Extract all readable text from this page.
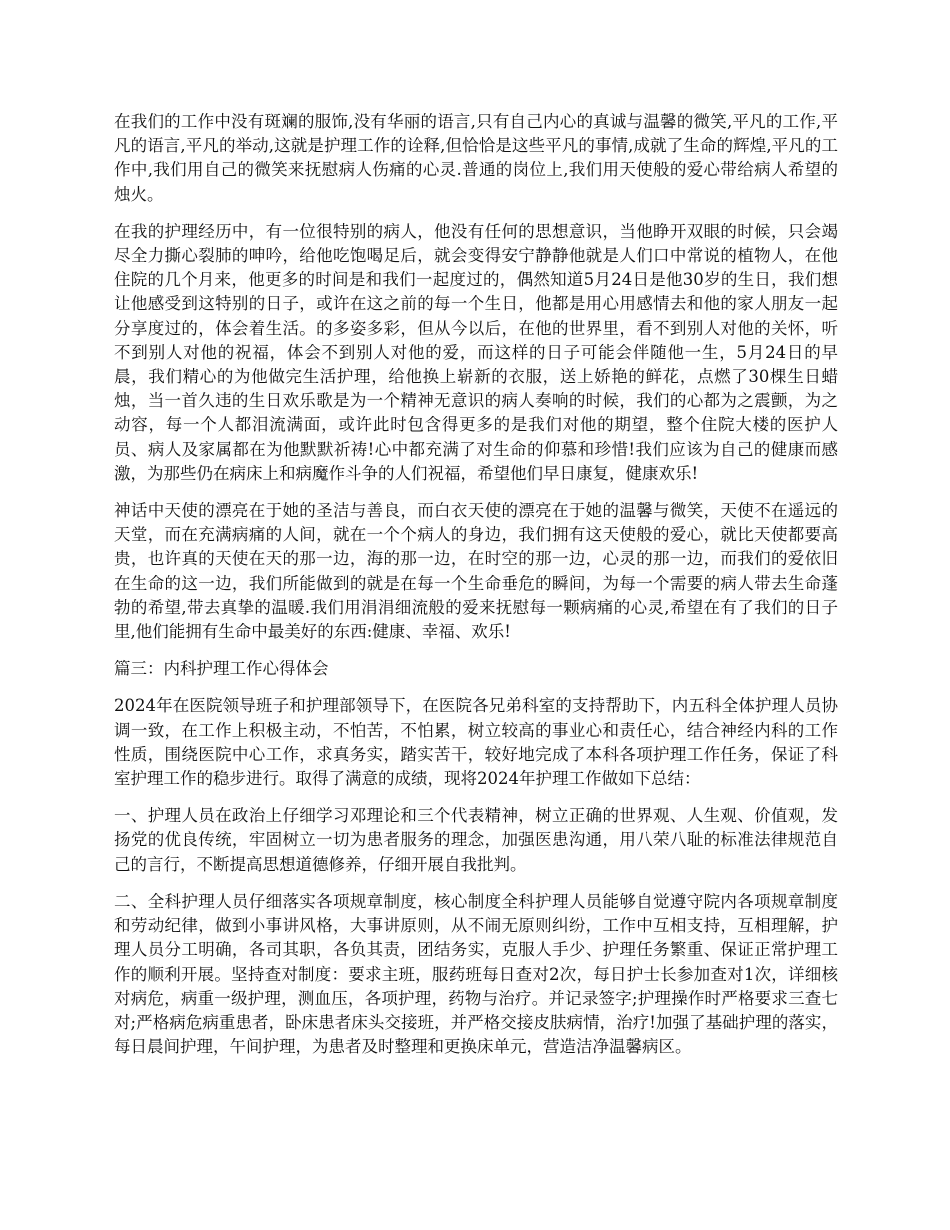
在我们的工作中没有斑斓的服饰,没有华丽的语言,只有自己内心的真诚与温馨的微笑,平凡的工作,平凡的语言,平凡的举动,这就是护理工作的诠释,但恰恰是这些平凡的事情,成就了生命的辉煌,平凡的工作中,我们用自己的微笑来抚慰病人伤痛的心灵.普通的岗位上,我们用天使般的爱心带给病人希望的烛火。

在我的护理经历中，有一位很特别的病人，他没有任何的思想意识，当他睁开双眼的时候，只会竭尽全力撕心裂肺的呻吟，给他吃饱喝足后，就会变得安宁静静他就是人们口中常说的植物人，在他住院的几个月来，他更多的时间是和我们一起度过的，偶然知道5月24日是他30岁的生日，我们想让他感受到这特别的日子，或许在这之前的每一个生日，他都是用心用感情去和他的家人朋友一起分享度过的，体会着生活。的多姿多彩，但从今以后，在他的世界里，看不到别人对他的关怀，听不到别人对他的祝福，体会不到别人对他的爱，而这样的日子可能会伴随他一生，5月24日的早晨，我们精心的为他做完生活护理，给他换上崭新的衣服，送上娇艳的鲜花，点燃了30棵生日蜡烛，当一首久违的生日欢乐歌是为一个精神无意识的病人奏响的时候，我们的心都为之震颤，为之动容，每一个人都泪流满面，或许此时包含得更多的是我们对他的期望，整个住院大楼的医护人员、病人及家属都在为他默默祈祷!心中都充满了对生命的仰慕和珍惜!我们应该为自己的健康而感激，为那些仍在病床上和病魔作斗争的人们祝福，希望他们早日康复，健康欢乐!

神话中天使的漂亮在于她的圣洁与善良，而白衣天使的漂亮在于她的温馨与微笑，天使不在遥远的天堂，而在充满病痛的人间，就在一个个病人的身边，我们拥有这天使般的爱心，就比天使都要高贵，也许真的天使在天的那一边，海的那一边，在时空的那一边，心灵的那一边，而我们的爱依旧在生命的这一边，我们所能做到的就是在每一个生命垂危的瞬间，为每一个需要的病人带去生命蓬勃的希望,带去真挚的温暖.我们用涓涓细流般的爱来抚慰每一颗病痛的心灵,希望在有了我们的日子里,他们能拥有生命中最美好的东西:健康、幸福、欢乐!

篇三：内科护理工作心得体会

2024年在医院领导班子和护理部领导下，在医院各兄弟科室的支持帮助下，内五科全体护理人员协调一致，在工作上积极主动，不怕苦，不怕累，树立较高的事业心和责任心，结合神经内科的工作性质，围绕医院中心工作，求真务实，踏实苦干，较好地完成了本科各项护理工作任务，保证了科室护理工作的稳步进行。取得了满意的成绩，现将2024年护理工作做如下总结：

一、护理人员在政治上仔细学习邓理论和三个代表精神，树立正确的世界观、人生观、价值观，发扬党的优良传统，牢固树立一切为患者服务的理念，加强医患沟通，用八荣八耻的标准法律规范自己的言行，不断提高思想道德修养，仔细开展自我批判。

二、全科护理人员仔细落实各项规章制度，核心制度全科护理人员能够自觉遵守院内各项规章制度和劳动纪律，做到小事讲风格，大事讲原则，从不闹无原则纠纷，工作中互相支持，互相理解，护理人员分工明确，各司其职，各负其责，团结务实，克服人手少、护理任务繁重、保证正常护理工作的顺利开展。坚持查对制度：要求主班，服药班每日查对2次，每日护士长参加查对1次，详细核对病危，病重一级护理，测血压，各项护理，药物与治疗。并记录签字;护理操作时严格要求三查七对;严格病危病重患者，卧床患者床头交接班，并严格交接皮肤病情，治疗!加强了基础护理的落实，每日晨间护理，午间护理，为患者及时整理和更换床单元，营造洁净温馨病区。
